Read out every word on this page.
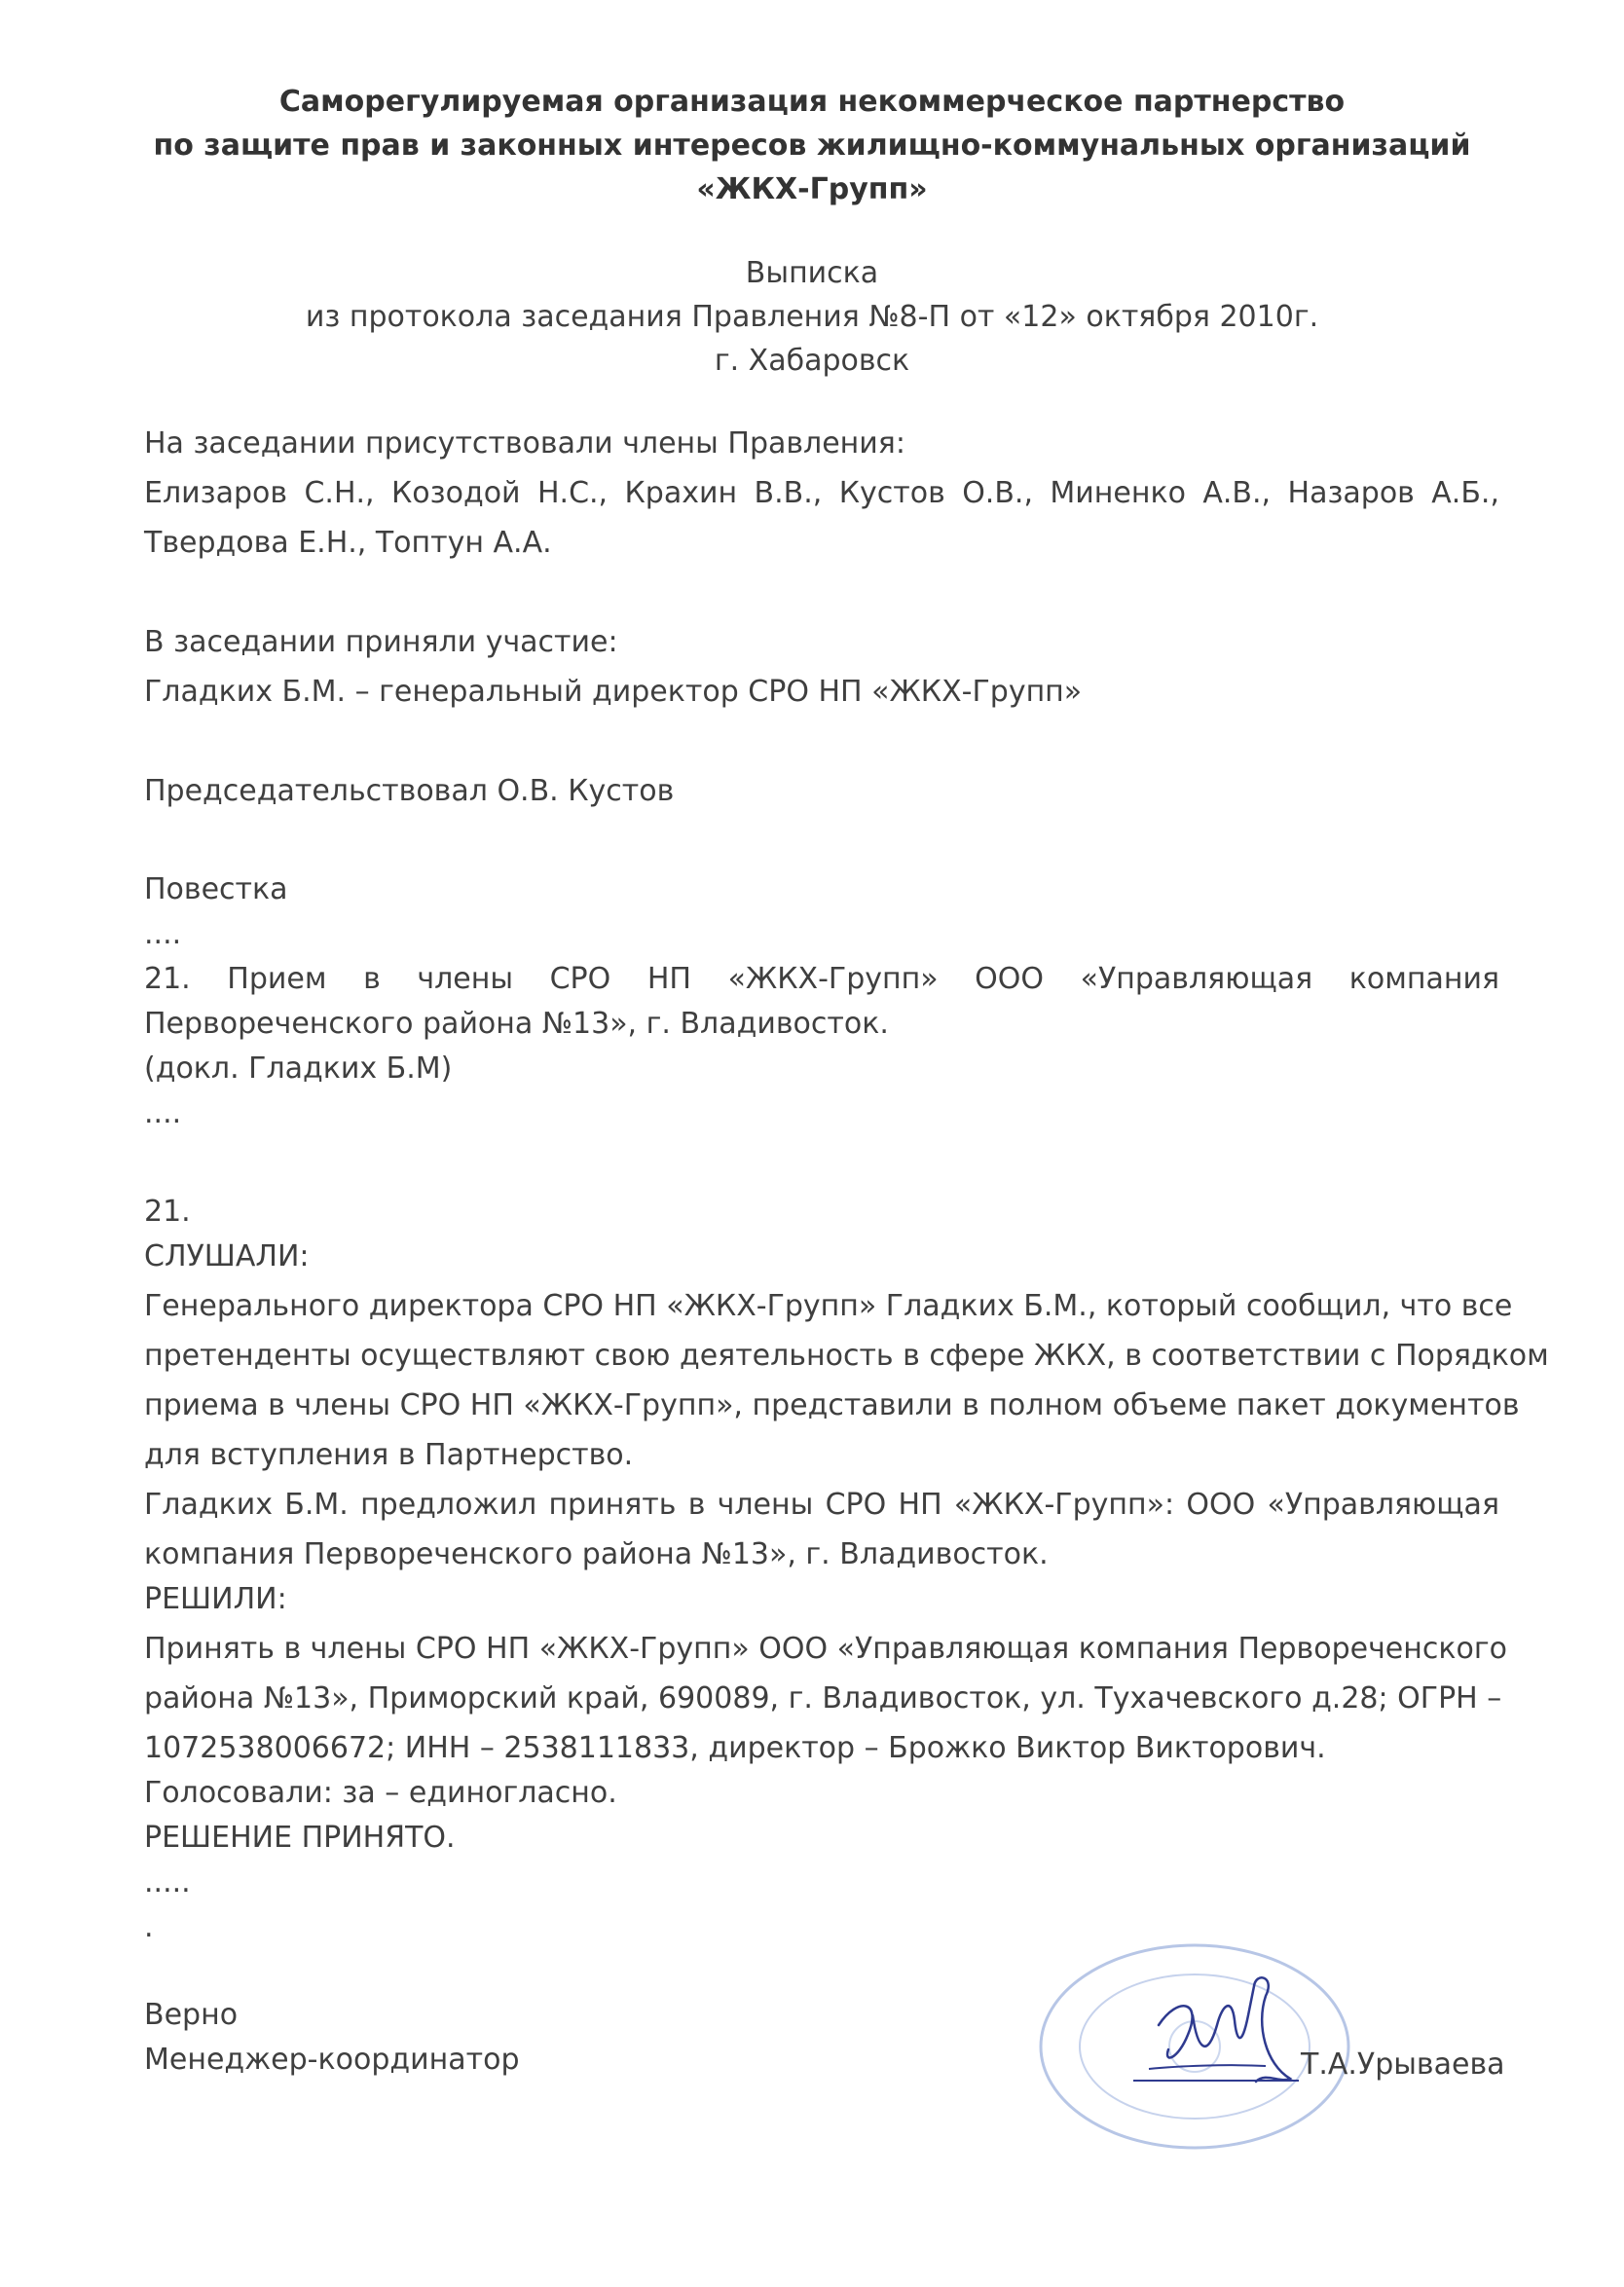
Саморегулируемая организация некоммерческое партнерство
по защите прав и законных интересов жилищно-коммунальных организаций
«ЖКХ-Групп»
Выписка
из протокола заседания Правления №8-П от «12» октября 2010г.
г. Хабаровск
На заседании присутствовали члены Правления:
Елизаров С.Н., Козодой Н.С., Крахин В.В., Кустов О.В., Миненко А.В., Назаров А.Б.,
Твердова Е.Н., Топтун А.А.
В заседании приняли участие:
Гладких Б.М. – генеральный директор СРО НП «ЖКХ-Групп»
Председательствовал О.В. Кустов
Повестка
....
21. Прием в члены СРО НП «ЖКХ-Групп» ООО «Управляющая компания
Первореченского района №13», г. Владивосток.
(докл. Гладких Б.М)
....
21.
СЛУШАЛИ:
Генерального директора СРО НП «ЖКХ-Групп» Гладких Б.М., который сообщил, что все
претенденты осуществляют свою деятельность в сфере ЖКХ, в соответствии с Порядком
приема в члены СРО НП «ЖКХ-Групп», представили в полном объеме пакет документов
для вступления в Партнерство.
Гладких Б.М. предложил принять в члены СРО НП «ЖКХ-Групп»: ООО «Управляющая
компания Первореченского района №13», г. Владивосток.
РЕШИЛИ:
Принять в члены СРО НП «ЖКХ-Групп» ООО «Управляющая компания Первореченского
района №13», Приморский край, 690089, г. Владивосток, ул. Тухачевского д.28; ОГРН –
1072538006672; ИНН – 2538111833, директор – Брожко Виктор Викторович.
Голосовали: за – единогласно.
РЕШЕНИЕ ПРИНЯТО.
.....
.
Верно
Менеджер-координатор	Т.А.Урываева
